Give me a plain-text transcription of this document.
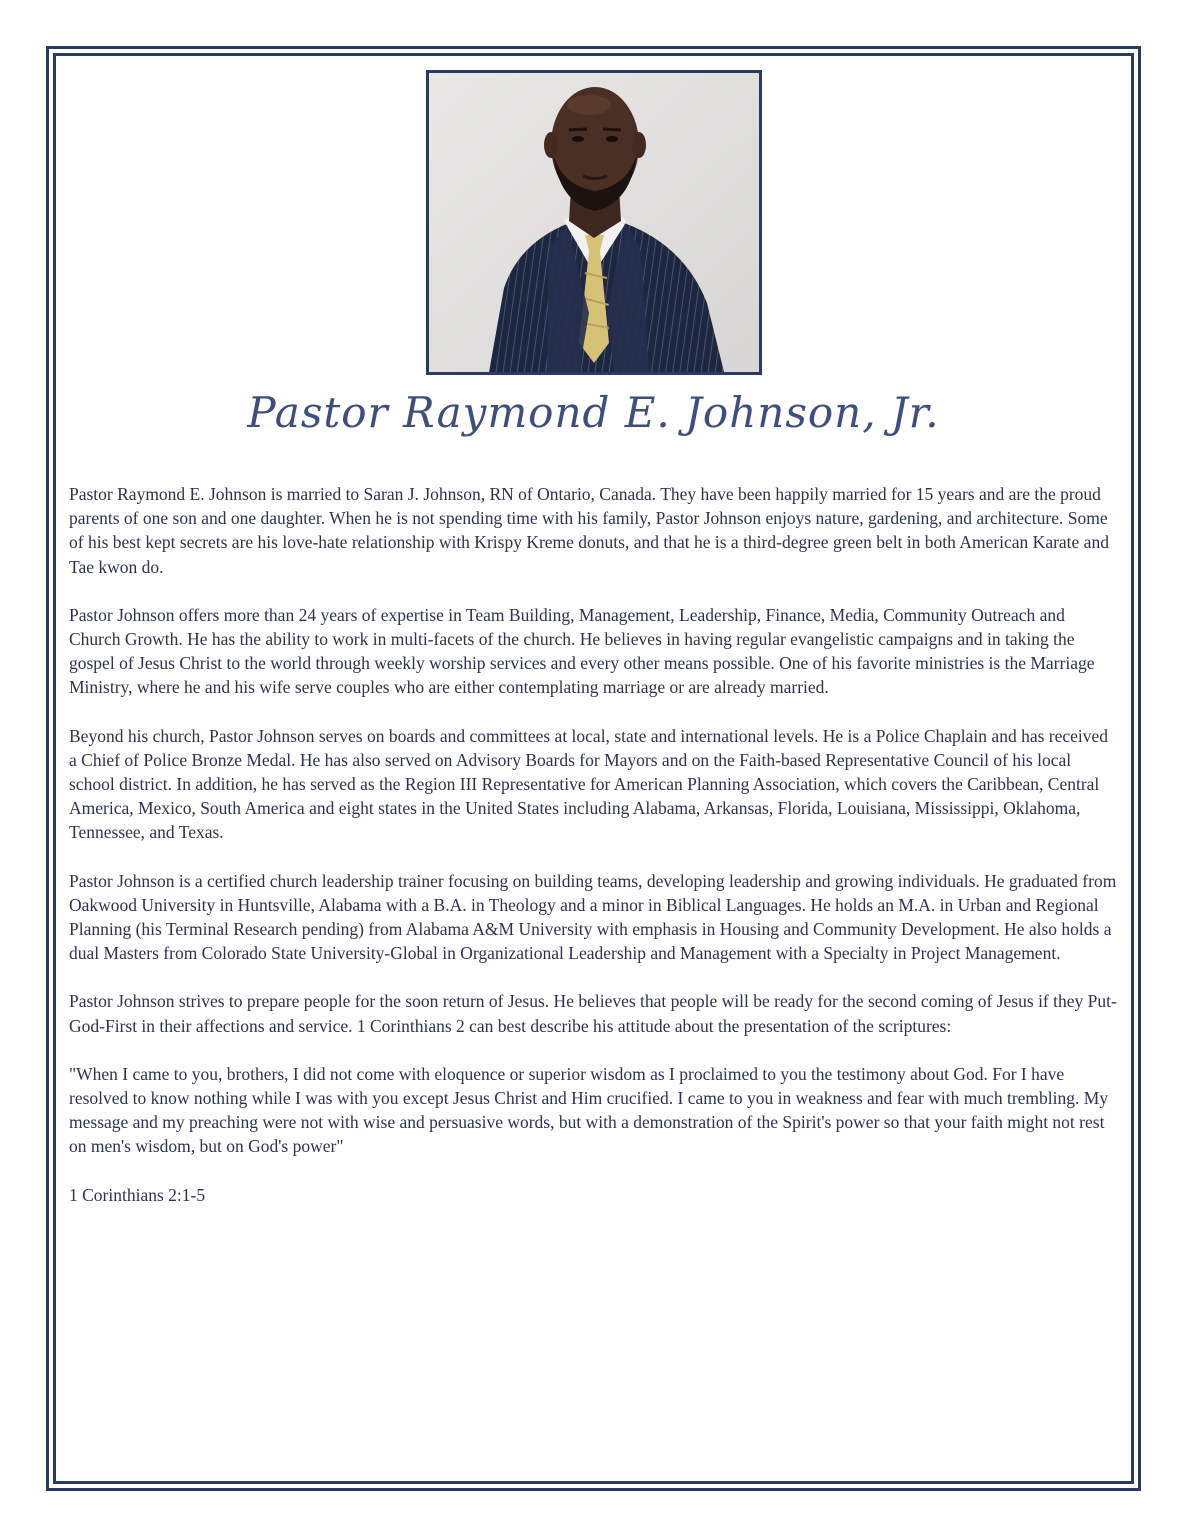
Pastor Raymond E. Johnson, Jr.

Pastor Raymond E. Johnson is married to Saran J. Johnson, RN of Ontario, Canada. They have been happily married for 15 years and are the proud parents of one son and one daughter. When he is not spending time with his family, Pastor Johnson enjoys nature, gardening, and architecture. Some of his best kept secrets are his love-hate relationship with Krispy Kreme donuts, and that he is a third-degree green belt in both American Karate and Tae kwon do.

Pastor Johnson offers more than 24 years of expertise in Team Building, Management, Leadership, Finance, Media, Community Outreach and Church Growth. He has the ability to work in multi-facets of the church. He believes in having regular evangelistic campaigns and in taking the gospel of Jesus Christ to the world through weekly worship services and every other means possible. One of his favorite ministries is the Marriage Ministry, where he and his wife serve couples who are either contemplating marriage or are already married.

Beyond his church, Pastor Johnson serves on boards and committees at local, state and international levels. He is a Police Chaplain and has received a Chief of Police Bronze Medal. He has also served on Advisory Boards for Mayors and on the Faith-based Representative Council of his local school district. In addition, he has served as the Region III Representative for American Planning Association, which covers the Caribbean, Central America, Mexico, South America and eight states in the United States including Alabama, Arkansas, Florida, Louisiana, Mississippi, Oklahoma, Tennessee, and Texas.

Pastor Johnson is a certified church leadership trainer focusing on building teams, developing leadership and growing individuals. He graduated from Oakwood University in Huntsville, Alabama with a B.A. in Theology and a minor in Biblical Languages. He holds an M.A. in Urban and Regional Planning (his Terminal Research pending) from Alabama A&M University with emphasis in Housing and Community Development. He also holds a dual Masters from Colorado State University-Global in Organizational Leadership and Management with a Specialty in Project Management.

Pastor Johnson strives to prepare people for the soon return of Jesus. He believes that people will be ready for the second coming of Jesus if they Put-God-First in their affections and service. 1 Corinthians 2 can best describe his attitude about the presentation of the scriptures:

"When I came to you, brothers, I did not come with eloquence or superior wisdom as I proclaimed to you the testimony about God. For I have resolved to know nothing while I was with you except Jesus Christ and Him crucified. I came to you in weakness and fear with much trembling. My message and my preaching were not with wise and persuasive words, but with a demonstration of the Spirit's power so that your faith might not rest on men's wisdom, but on God's power"

1 Corinthians 2:1-5
